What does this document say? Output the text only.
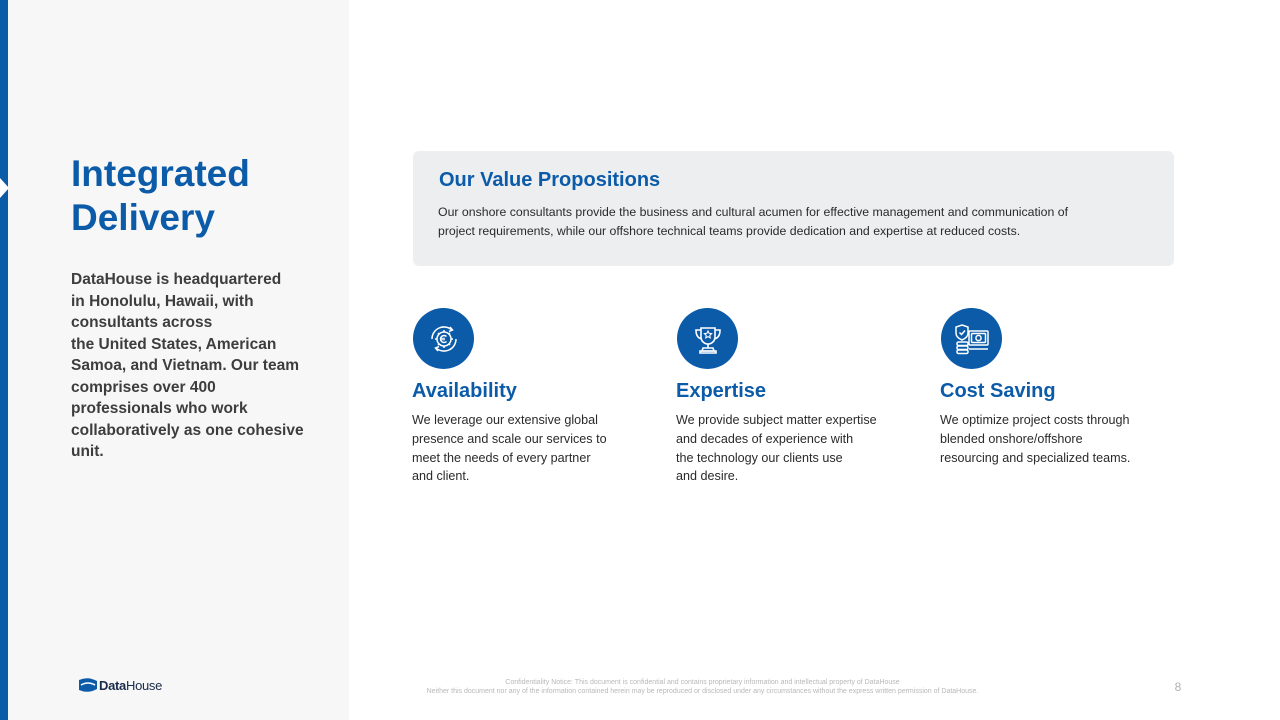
Integrated
Delivery
DataHouse is headquartered
in Honolulu, Hawaii, with
consultants across
the United States, American
Samoa, and Vietnam. Our team
comprises over 400
professionals who work
collaboratively as one cohesive
unit.
DataHouse
Our Value Propositions
Our onshore consultants provide the business and cultural acumen for effective management and communication of
project requirements, while our offshore technical teams provide dedication and expertise at reduced costs.
Availability
We leverage our extensive global
presence and scale our services to
meet the needs of every partner
and client.
Expertise
We provide subject matter expertise
and decades of experience with
the technology our clients use
and desire.
Cost Saving
We optimize project costs through
blended onshore/offshore
resourcing and specialized teams.
Confidentiality Notice: This document is confidential and contains proprietary information and intellectual property of DataHouse
Neither this document nor any of the information contained herein may be reproduced or disclosed under any circumstances without the express written permission of DataHouse.	8
